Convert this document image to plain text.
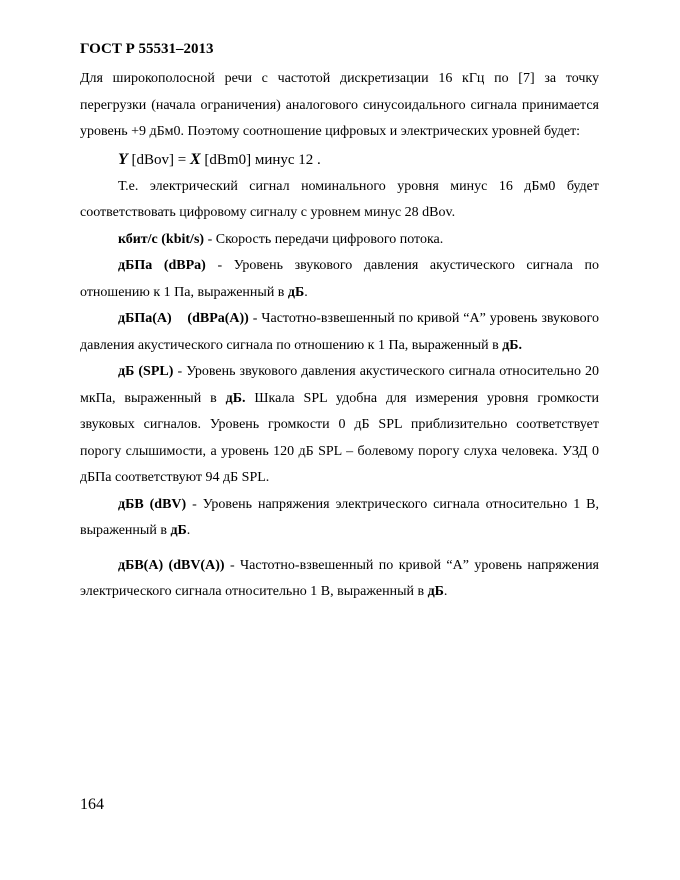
ГОСТ Р 55531–2013

Для широкополосной речи с частотой дискретизации 16 кГц по [7] за точку перегрузки (начала ограничения) аналогового синусоидального сигнала принимается уровень +9 дБм0. Поэтому соотношение цифровых и электрических уровней будет:

Y [dBov] = X [dBm0] минус 12 .

Т.е. электрический сигнал номинального уровня минус 16 дБм0 будет соответствовать цифровому сигналу с уровнем минус 28 dBov.

кбит/с (kbit/s) - Скорость передачи цифрового потока.

дБПа (dBPa) - Уровень звукового давления акустического сигнала по отношению к 1 Па, выраженный в дБ.

дБПа(А)    (dBPa(A)) - Частотно-взвешенный по кривой “А” уровень звукового давления акустического сигнала по отношению к 1 Па, выраженный в дБ.

дБ (SPL) - Уровень звукового давления акустического сигнала относительно 20 мкПа, выраженный в дБ. Шкала SPL удобна для измерения уровня громкости звуковых сигналов. Уровень громкости 0 дБ SPL приблизительно соответствует порогу слышимости, а уровень 120 дБ SPL – болевому порогу слуха человека. УЗД 0 дБПа соответствуют 94 дБ SPL.

дБВ (dBV) - Уровень напряжения электрического сигнала относительно 1 В, выраженный в дБ.

дБВ(А) (dBV(A)) - Частотно-взвешенный по кривой “А” уровень напряжения электрического сигнала относительно 1 В, выраженный в дБ.

164
